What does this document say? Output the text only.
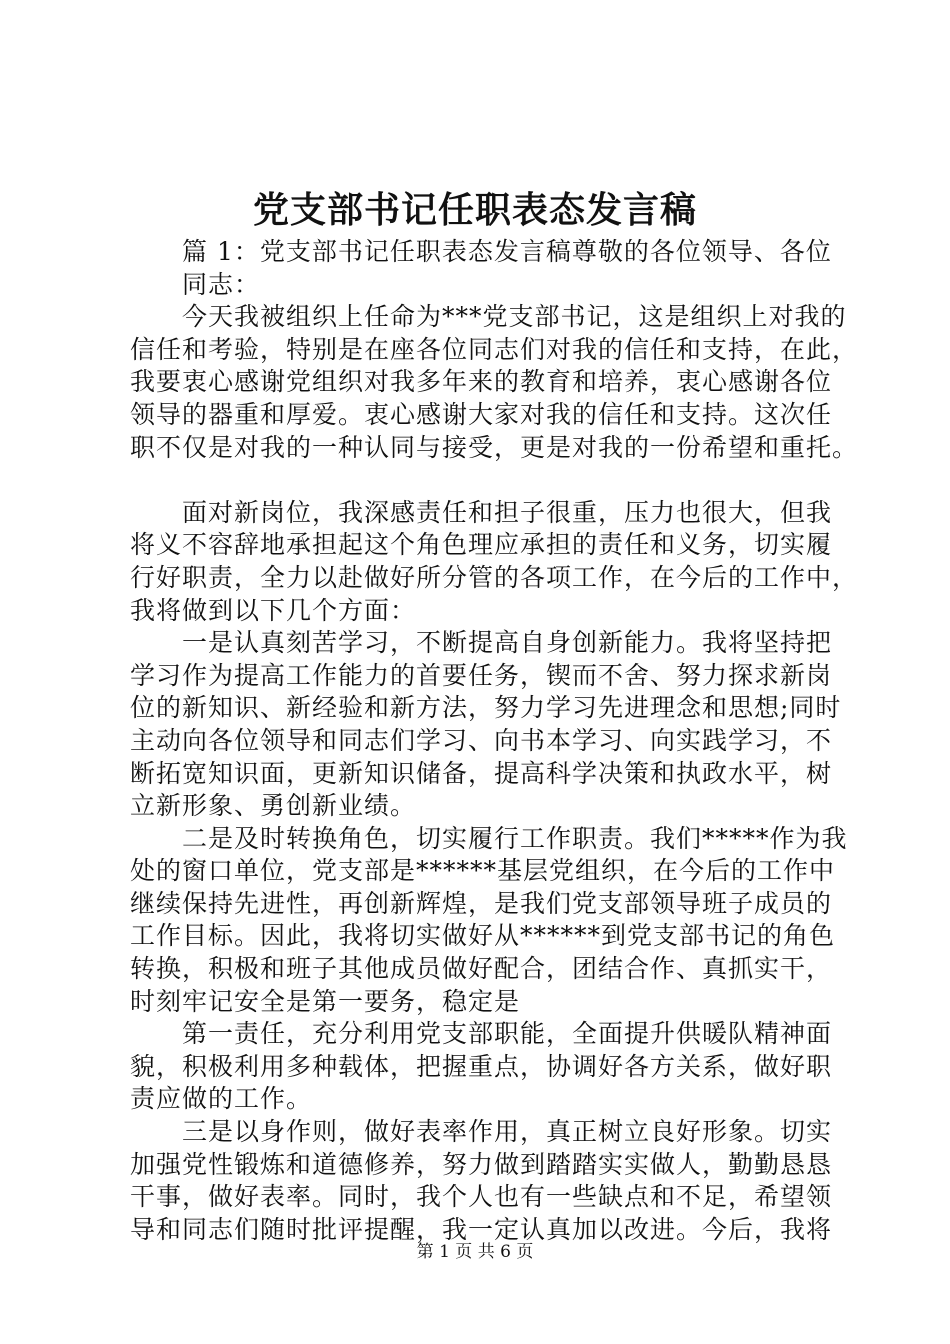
党支部书记任职表态发言稿
　　篇 1：党支部书记任职表态发言稿尊敬的各位领导、各位
　　同志：
　　今天我被组织上任命为***党支部书记，这是组织上对我的
信任和考验，特别是在座各位同志们对我的信任和支持，在此，
我要衷心感谢党组织对我多年来的教育和培养，衷心感谢各位
领导的器重和厚爱。衷心感谢大家对我的信任和支持。这次任
职不仅是对我的一种认同与接受，更是对我的一份希望和重托。
　　面对新岗位，我深感责任和担子很重，压力也很大，但我
将义不容辞地承担起这个角色理应承担的责任和义务，切实履
行好职责，全力以赴做好所分管的各项工作，在今后的工作中，
我将做到以下几个方面：
　　一是认真刻苦学习，不断提高自身创新能力。我将坚持把
学习作为提高工作能力的首要任务，锲而不舍、努力探求新岗
位的新知识、新经验和新方法，努力学习先进理念和思想;同时
主动向各位领导和同志们学习、向书本学习、向实践学习，不
断拓宽知识面，更新知识储备，提高科学决策和执政水平，树
立新形象、勇创新业绩。
　　二是及时转换角色，切实履行工作职责。我们*****作为我
处的窗口单位，党支部是******基层党组织，在今后的工作中
继续保持先进性，再创新辉煌，是我们党支部领导班子成员的
工作目标。因此，我将切实做好从******到党支部书记的角色
转换，积极和班子其他成员做好配合，团结合作、真抓实干，
时刻牢记安全是第一要务，稳定是
　　第一责任，充分利用党支部职能，全面提升供暖队精神面
貌，积极利用多种载体，把握重点，协调好各方关系，做好职
责应做的工作。
　　三是以身作则，做好表率作用，真正树立良好形象。切实
加强党性锻炼和道德修养，努力做到踏踏实实做人，勤勤恳恳
干事，做好表率。同时，我个人也有一些缺点和不足，希望领
导和同志们随时批评提醒，我一定认真加以改进。今后，我将
第 1 页 共 6 页
